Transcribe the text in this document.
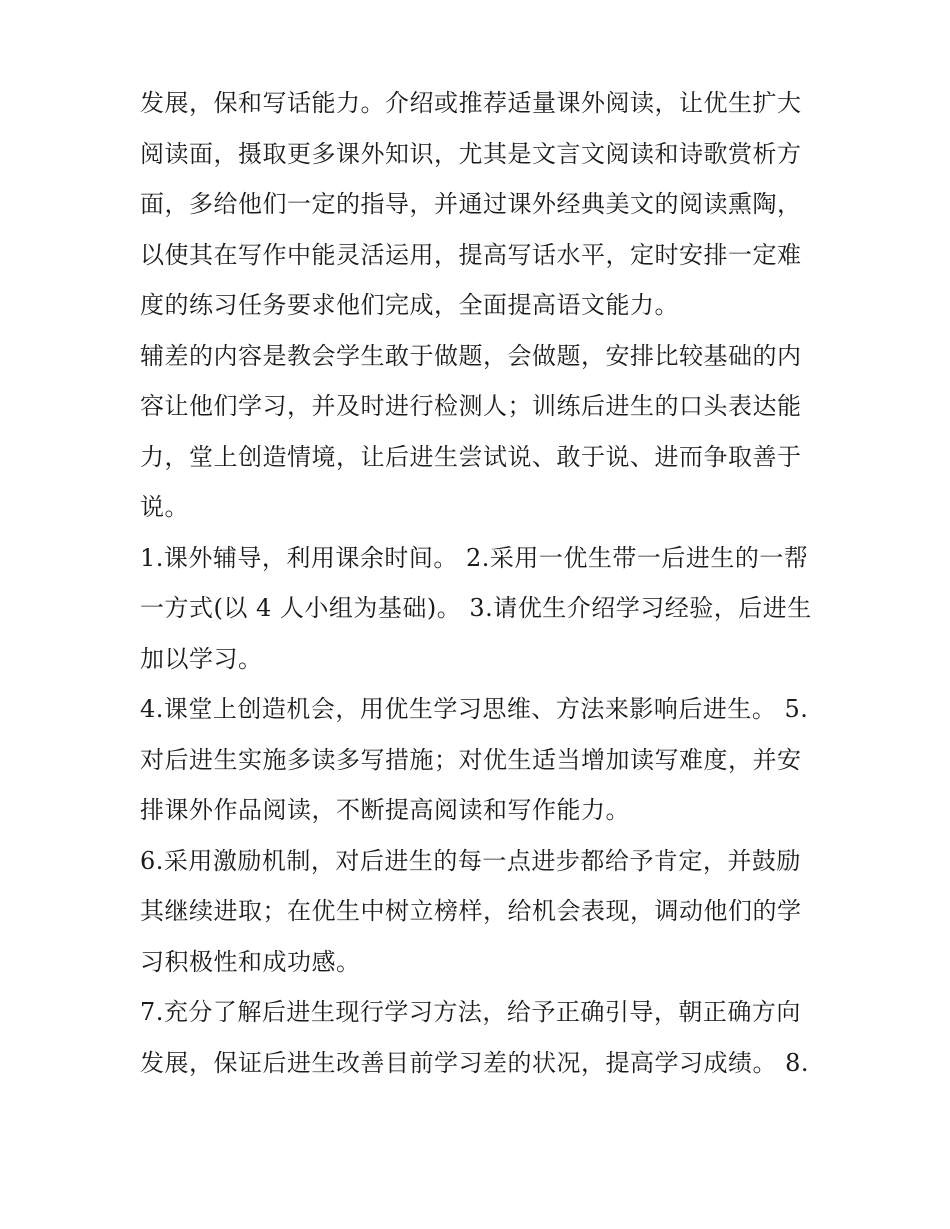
发展，保和写话能力。介绍或推荐适量课外阅读，让优生扩大
阅读面，摄取更多课外知识，尤其是文言文阅读和诗歌赏析方
面，多给他们一定的指导，并通过课外经典美文的阅读熏陶，
以使其在写作中能灵活运用，提高写话水平，定时安排一定难
度的练习任务要求他们完成，全面提高语文能力。
辅差的内容是教会学生敢于做题，会做题，安排比较基础的内
容让他们学习，并及时进行检测人；训练后进生的口头表达能
力，堂上创造情境，让后进生尝试说、敢于说、进而争取善于
说。
1.课外辅导，利用课余时间。 2.采用一优生带一后进生的一帮
一方式(以 4 人小组为基础)。 3.请优生介绍学习经验，后进生
加以学习。
4.课堂上创造机会，用优生学习思维、方法来影响后进生。 5.
对后进生实施多读多写措施；对优生适当增加读写难度，并安
排课外作品阅读，不断提高阅读和写作能力。
6.采用激励机制，对后进生的每一点进步都给予肯定，并鼓励
其继续进取；在优生中树立榜样，给机会表现，调动他们的学
习积极性和成功感。
7.充分了解后进生现行学习方法，给予正确引导，朝正确方向
发展，保证后进生改善目前学习差的状况，提高学习成绩。 8.
